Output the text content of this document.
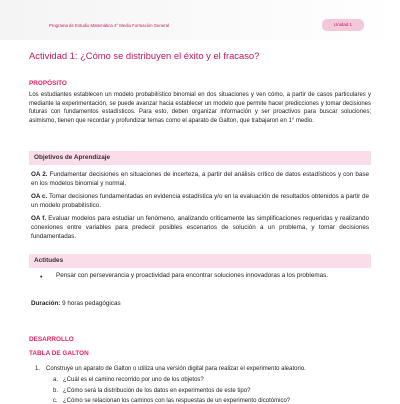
Programa de Estudio Matemática 4° Medio Formación General	Unidad 1
Actividad 1: ¿Cómo se distribuyen el éxito y el fracaso?
PROPÓSITO

Los estudiantes establecen un modelo probabilístico binomial en dos situaciones y ven cómo, a partir de casos particulares y mediante la experimentación, se puede avanzar hacia establecer un modelo que permite hacer predicciones y tomar decisiones futuras con fundamentos estadísticos. Para esto, deben organizar información y ser proactivos para buscar soluciones; asimismo, tienen que recordar y profundizar temas como el aparato de Galton, que trabajaron en 1° medio.

Objetivos de Aprendizaje

OA 2. Fundamentar decisiones en situaciones de incerteza, a partir del análisis crítico de datos estadísticos y con base en los modelos binomial y normal.

OA c. Tomar decisiones fundamentadas en evidencia estadística y/o en la evaluación de resultados obtenidos a partir de un modelo probabilístico.

OA f. Evaluar modelos para estudiar un fenómeno, analizando críticamente las simplificaciones requeridas y realizando conexiones entre variables para predecir posibles escenarios de solución a un problema, y tomar decisiones fundamentadas.

Actitudes
• Pensar con perseverancia y proactividad para encontrar soluciones innovadoras a los problemas.

Duración: 9 horas pedagógicas

DESARROLLO
TABLA DE GALTON

1. Construye un aparato de Galton o utiliza una versión digital para realizar el experimento aleatorio.

a. ¿Cuál es el camino recorrido por uno de los objetos?

b. ¿Cómo será la distribución de los datos en experimentos de este tipo?

c. ¿Cómo se relacionan los caminos con las respuestas de un experimento dicotómico?
